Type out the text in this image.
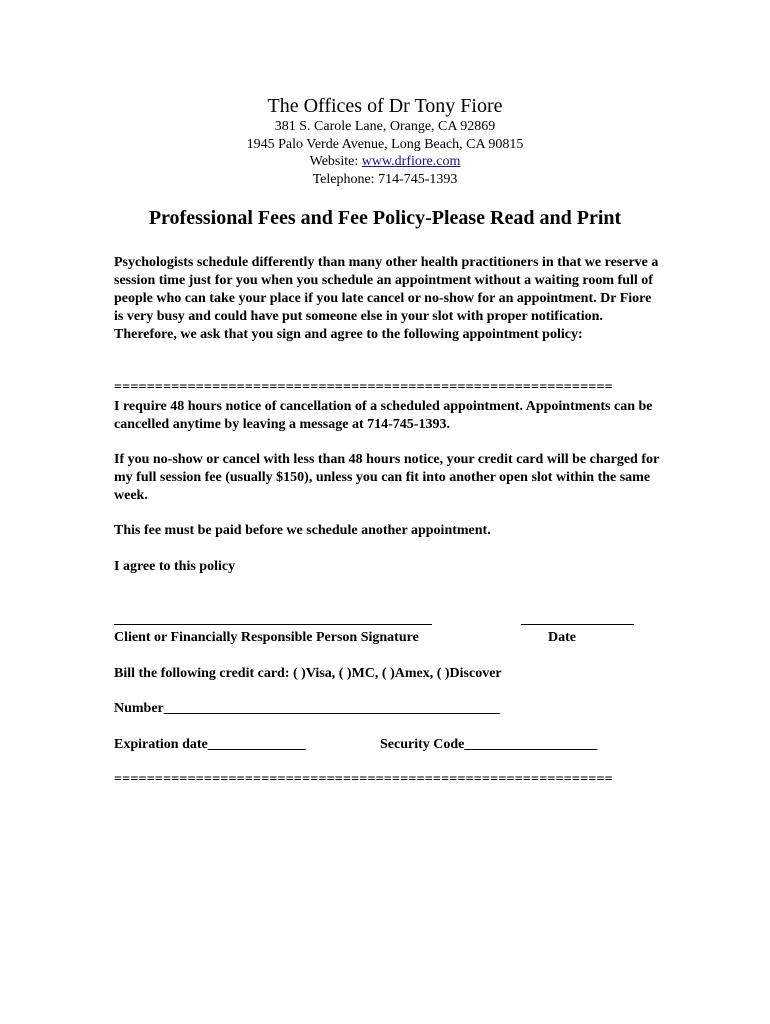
The Offices of Dr Tony Fiore
381 S. Carole Lane, Orange, CA 92869
1945 Palo Verde Avenue, Long Beach, CA 90815
Website: www.drfiore.com
Telephone: 714-745-1393
Professional Fees and Fee Policy-Please Read and Print
Psychologists schedule differently than many other health practitioners in that we reserve a session time just for you when you schedule an appointment without a waiting room full of people who can take your place if you late cancel or no-show for an appointment. Dr Fiore is very busy and could have put someone else in your slot with proper notification. Therefore, we ask that you sign and agree to the following appointment policy:
=============================================================
I require 48 hours notice of cancellation of a scheduled appointment. Appointments can be cancelled anytime by leaving a message at 714-745-1393.
If you no-show or cancel with less than 48 hours notice, your credit card will be charged for my full session fee (usually $150), unless you can fit into another open slot within the same week.
This fee must be paid before we schedule another appointment.
I agree to this policy
Client or Financially Responsible Person Signature	Date
Bill the following credit card: ( )Visa, ( )MC, ( )Amex, ( )Discover
Number________________________________________________
Expiration date______________	Security Code___________________
=============================================================
